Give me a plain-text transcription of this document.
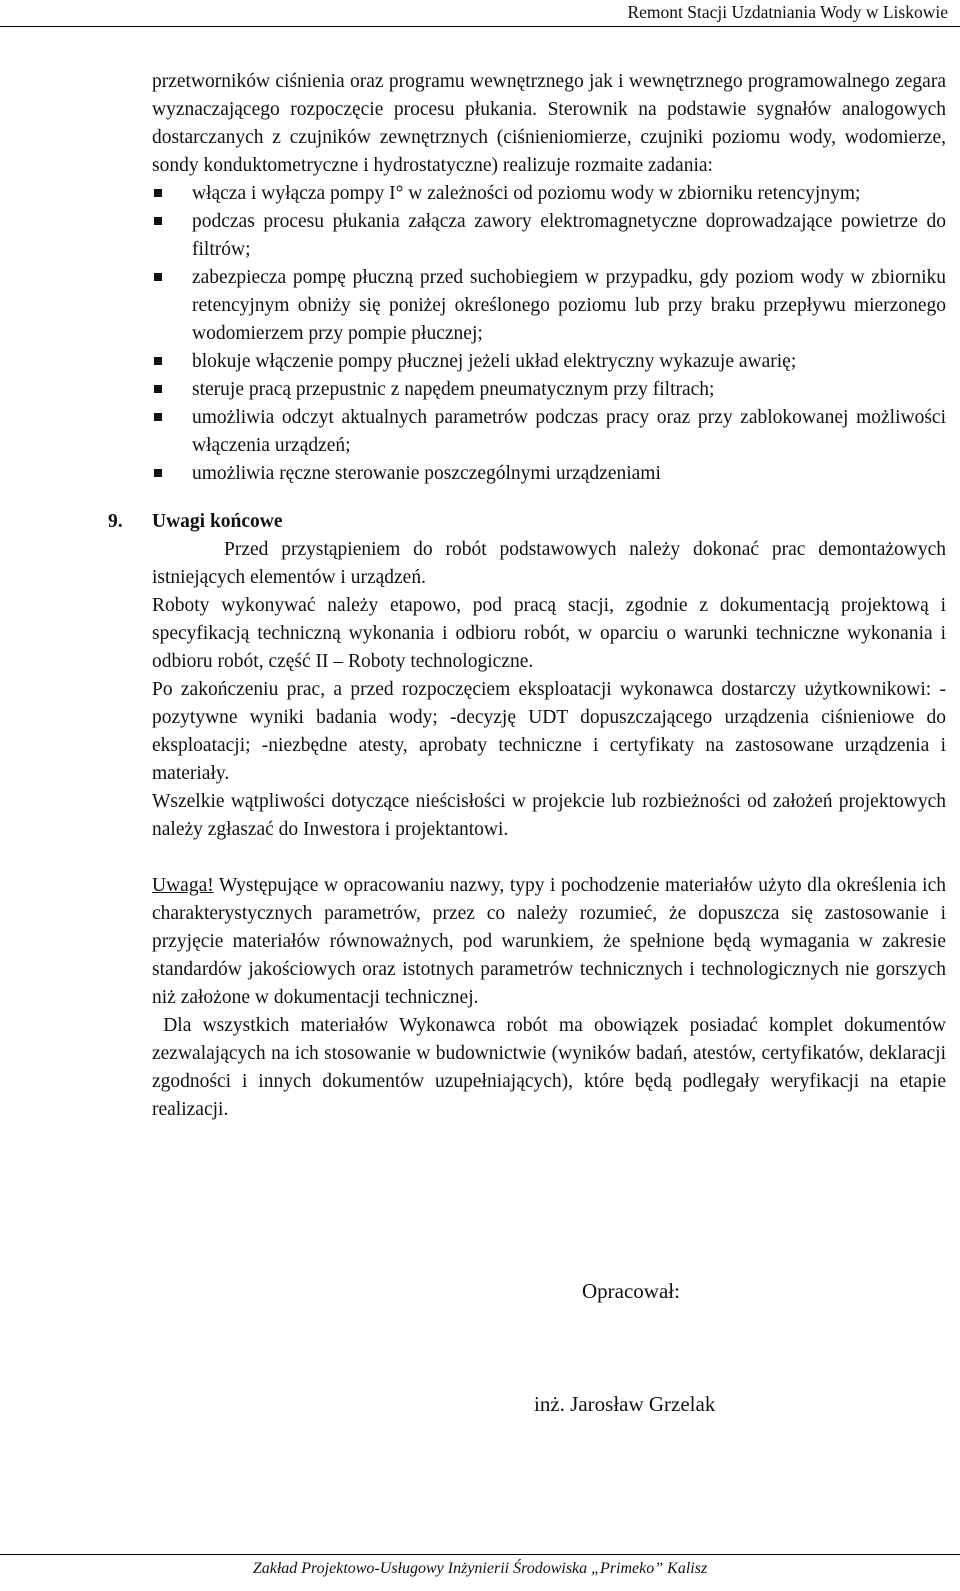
Remont Stacji Uzdatniania Wody w Liskowie

przetworników ciśnienia oraz programu wewnętrznego jak i wewnętrznego programowalnego zegara wyznaczającego rozpoczęcie procesu płukania. Sterownik na podstawie sygnałów analogowych dostarczanych z czujników zewnętrznych (ciśnieniomierze, czujniki poziomu wody, wodomierze, sondy konduktometryczne i hydrostatyczne) realizuje rozmaite zadania:

włącza i wyłącza pompy I° w zależności od poziomu wody w zbiorniku retencyjnym;
podczas procesu płukania załącza zawory elektromagnetyczne doprowadzające powietrze do filtrów;
zabezpiecza pompę płuczną przed suchobiegiem w przypadku, gdy poziom wody w zbiorniku retencyjnym obniży się poniżej określonego poziomu lub przy braku przepływu mierzonego wodomierzem przy pompie płucznej;
blokuje włączenie pompy płucznej jeżeli układ elektryczny wykazuje awarię;
steruje pracą przepustnic z napędem pneumatycznym przy filtrach;
umożliwia odczyt aktualnych parametrów podczas pracy oraz przy zablokowanej możliwości włączenia urządzeń;
umożliwia ręczne sterowanie poszczególnymi urządzeniami
9. Uwagi końcowe

Przed przystąpieniem do robót podstawowych należy dokonać prac demontażowych istniejących elementów i urządzeń.

Roboty wykonywać należy etapowo, pod pracą stacji, zgodnie z dokumentacją projektową i specyfikacją techniczną wykonania i odbioru robót, w oparciu o warunki techniczne wykonania i odbioru robót, część II – Roboty technologiczne.

Po zakończeniu prac, a przed rozpoczęciem eksploatacji wykonawca dostarczy użytkownikowi: -pozytywne wyniki badania wody; -decyzję UDT dopuszczającego urządzenia ciśnieniowe do eksploatacji; -niezbędne atesty, aprobaty techniczne i certyfikaty na zastosowane urządzenia i materiały.

Wszelkie wątpliwości dotyczące nieścisłości w projekcie lub rozbieżności od założeń projektowych należy zgłaszać do Inwestora i projektantowi.

Uwaga! Występujące w opracowaniu nazwy, typy i pochodzenie materiałów użyto dla określenia ich charakterystycznych parametrów, przez co należy rozumieć, że dopuszcza się zastosowanie i przyjęcie materiałów równoważnych, pod warunkiem, że spełnione będą wymagania w zakresie standardów jakościowych oraz istotnych parametrów technicznych i technologicznych nie gorszych niż założone w dokumentacji technicznej.

Dla wszystkich materiałów Wykonawca robót ma obowiązek posiadać komplet dokumentów zezwalających na ich stosowanie w budownictwie (wyników badań, atestów, certyfikatów, deklaracji zgodności i innych dokumentów uzupełniających), które będą podlegały weryfikacji na etapie realizacji.

Opracował:
inż. Jarosław Grzelak
Zakład Projektowo-Usługowy Inżynierii Środowiska „Primeko” Kalisz
